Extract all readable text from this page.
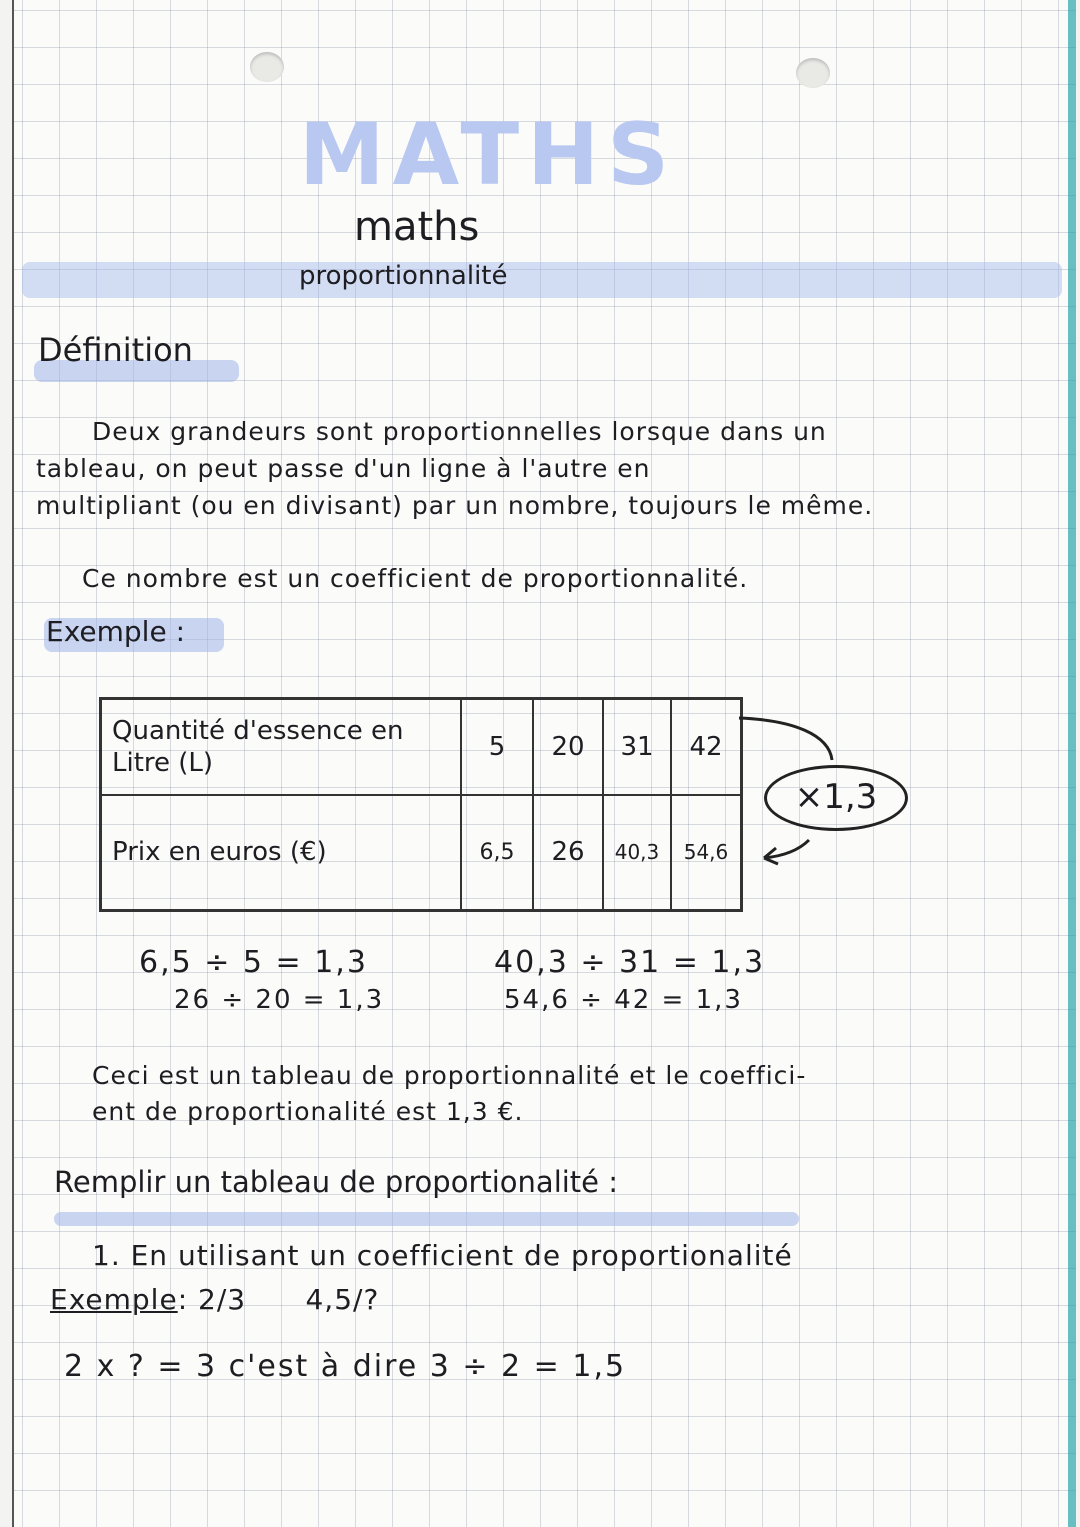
MATHS
maths
proportionnalité
Définition
Deux grandeurs sont proportionnelles lorsque dans un
tableau, on peut passe d'un ligne à l'autre en
multipliant (ou en divisant) par un nombre, toujours le même.
Ce nombre est un coefficient de proportionnalité.
Exemple :
Quantité d'essence en Litre (L)	5	20	31	42
Prix en euros (€)	6,5	26	40,3	54,6
×1,3
6,5 ÷ 5 = 1,3
26 ÷ 20 = 1,3
40,3 ÷ 31 = 1,3
54,6 ÷ 42 = 1,3
Ceci est un tableau de proportionnalité et le coeffici-
ent de proportionalité est 1,3 €.
Remplir un tableau de proportionalité :
1. En utilisant un coefficient de proportionalité
Exemple: 2/3      4,5/?
2 x ? = 3 c'est à dire 3 ÷ 2 = 1,5
